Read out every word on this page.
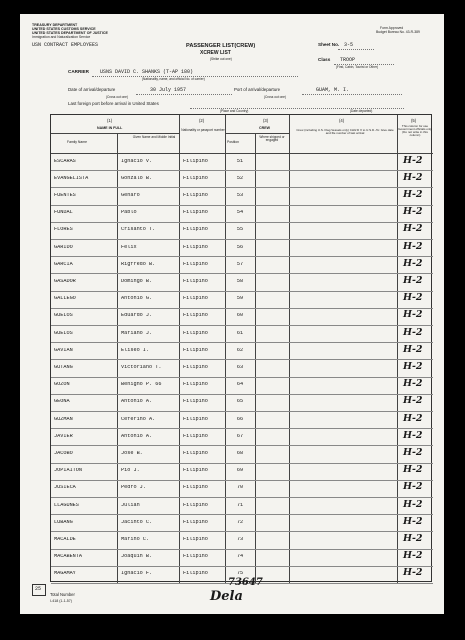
TREASURY DEPARTMENT
UNITED STATES CUSTOMS SERVICE
UNITED STATES DEPARTMENT OF JUSTICE
Immigration and Naturalization Service
USN CONTRACT EMPLOYEES
Form Approved
Budget Bureau No. 43-R-389
PASSENGER LIST(CREW)
XCREW LIST
(Strike out one)
Sheet No. 3-5
Class TROOP
(First, Cabin, Tourist or Other)
CARRIER USNS DAVID C. SHANKS (T-AP 180)
(Nationality, name, and official No. of carrier)
Date of arrival/departure	30 July 1957
(Cross out one)
Port of arrival/departure	GUAM, M. I.
(Cross out one)
Last foreign port before arrival in United States
(Place and Country)	(Date departed)
(1)
NAME IN FULL
Family Name
Given Name and Middle Initial
(2)
Nationality or passport number
(3)
CREW
Position
Where shipped or engaged
(4)
Crew (including U.S. Flag Vessels only) CHG'D X to U.S.D.-To: Give date and file number of last arrival
(5)
This column for use Government officials only (Do not write in this column)
ESCARAS	Ignacio V.	Filipino	51	H-2
EVANGELISTA	Gonzalo B.	Filipino	52	H-2
FUENTES	Genaro	Filipino	53	H-2
FUNDAL	Pablo	Filipino	54	H-2
FLORES	Crisanto T.	Filipino	55	H-2
GARIDO	Felix	Filipino	56	H-2
GARCIA	Rigfredo B.	Filipino	57	H-2
GASADOR	Domingo B.	Filipino	58	H-2
GALLEGO	Antonio G.	Filipino	59	H-2
GUELOS	Eduardo J.	Filipino	60	H-2
GUELOS	Mariano J.	Filipino	61	H-2
GAVIAN	Eliseo I.	Filipino	62	H-2
GUTANG	Victoriano T.	Filipino	63	H-2
GOZON	Benigno P. 66	Filipino	64	H-2
GEONA	Antonio A.	Filipino	65	H-2
GUZMAN	Ceferino A.	Filipino	66	H-2
JAVIER	Antonio A.	Filipino	67	H-2
JACOBO	Jose B.	Filipino	68	H-2
JOPIAITON	Pio J.	Filipino	69	H-2
JUSIECA	Pedro J.	Filipino	70	H-2
LLAGUNES	Julian	Filipino	71	H-2
LUBANG	Jacinto C.	Filipino	72	H-2
MACALDE	Marino C.	Filipino	73	H-2
MACABENTA	Joaquin B.	Filipino	74	H-2
MAGAMAY	Ignacio F.	Filipino	75	H-2
25
Total Number
I-418 (1-1-57)
73647
Dela
